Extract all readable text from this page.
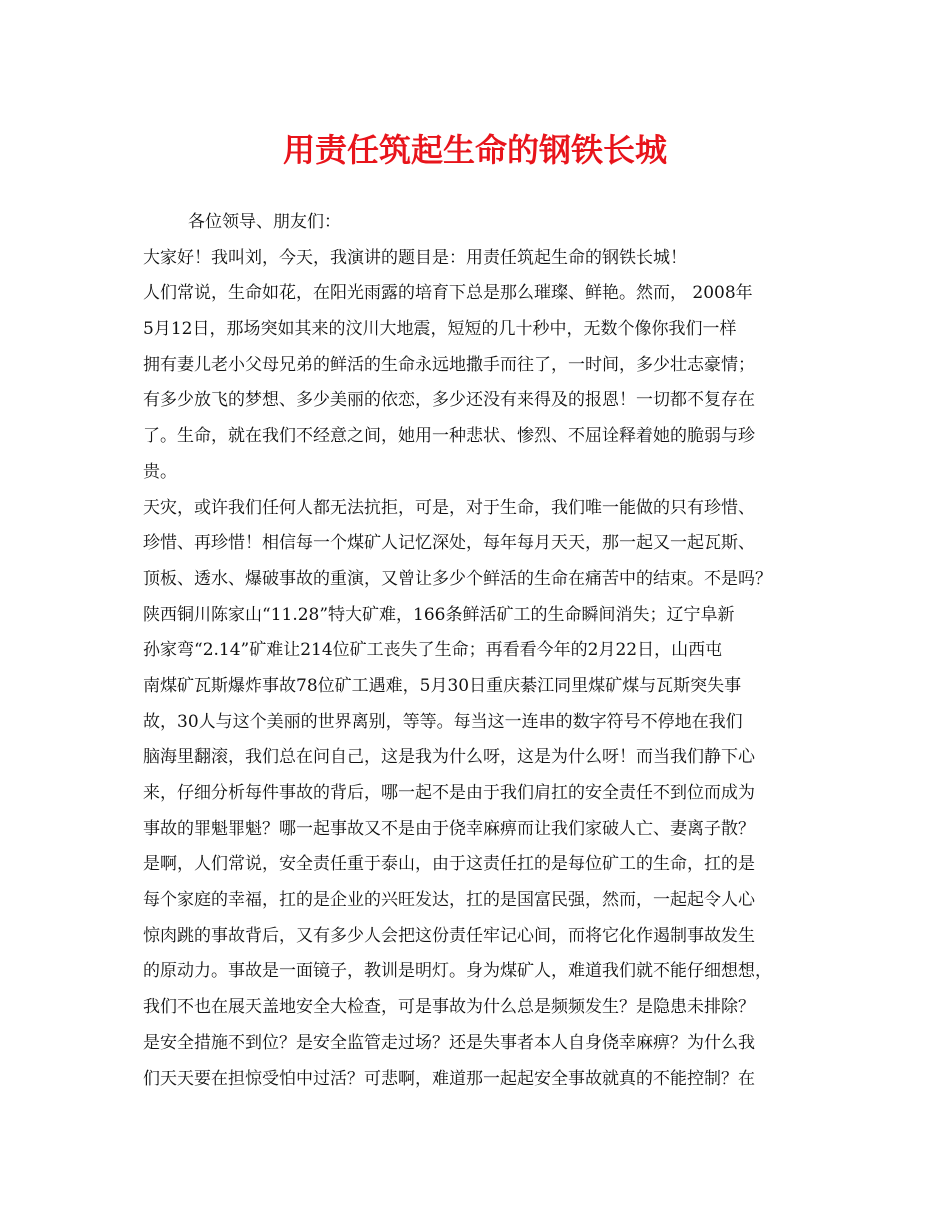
用责任筑起生命的钢铁长城
各位领导、朋友们：
大家好！我叫刘，今天，我演讲的题目是：用责任筑起生命的钢铁长城！
人们常说，生命如花，在阳光雨露的培育下总是那么璀璨、鲜艳。然而， 2008年
5月12日，那场突如其来的汶川大地震，短短的几十秒中，无数个像你我们一样
拥有妻儿老小父母兄弟的鲜活的生命永远地撒手而往了，一时间，多少壮志豪情；
有多少放飞的梦想、多少美丽的依恋，多少还没有来得及的报恩！一切都不复存在
了。生命，就在我们不经意之间，她用一种悲状、惨烈、不屈诠释着她的脆弱与珍
贵。
天灾，或许我们任何人都无法抗拒，可是，对于生命，我们唯一能做的只有珍惜、
珍惜、再珍惜！相信每一个煤矿人记忆深处，每年每月天天，那一起又一起瓦斯、
顶板、透水、爆破事故的重演，又曾让多少个鲜活的生命在痛苦中的结束。不是吗？
陕西铜川陈家山“11.28”特大矿难，166条鲜活矿工的生命瞬间消失；辽宁阜新
孙家弯“2.14”矿难让214位矿工丧失了生命；再看看今年的2月22日，山西屯
南煤矿瓦斯爆炸事故78位矿工遇难，5月30日重庆綦江同里煤矿煤与瓦斯突失事
故，30人与这个美丽的世界离别，等等。每当这一连串的数字符号不停地在我们
脑海里翻滚，我们总在问自己，这是我为什么呀，这是为什么呀！而当我们静下心
来，仔细分析每件事故的背后，哪一起不是由于我们肩扛的安全责任不到位而成为
事故的罪魁罪魁？哪一起事故又不是由于侥幸麻痹而让我们家破人亡、妻离子散？
是啊，人们常说，安全责任重于泰山，由于这责任扛的是每位矿工的生命，扛的是
每个家庭的幸福，扛的是企业的兴旺发达，扛的是国富民强，然而，一起起令人心
惊肉跳的事故背后，又有多少人会把这份责任牢记心间，而将它化作遏制事故发生
的原动力。事故是一面镜子，教训是明灯。身为煤矿人，难道我们就不能仔细想想，
我们不也在展天盖地安全大检查，可是事故为什么总是频频发生？是隐患未排除？
是安全措施不到位？是安全监管走过场？还是失事者本人自身侥幸麻痹？为什么我
们天天要在担惊受怕中过活？可悲啊，难道那一起起安全事故就真的不能控制？在
